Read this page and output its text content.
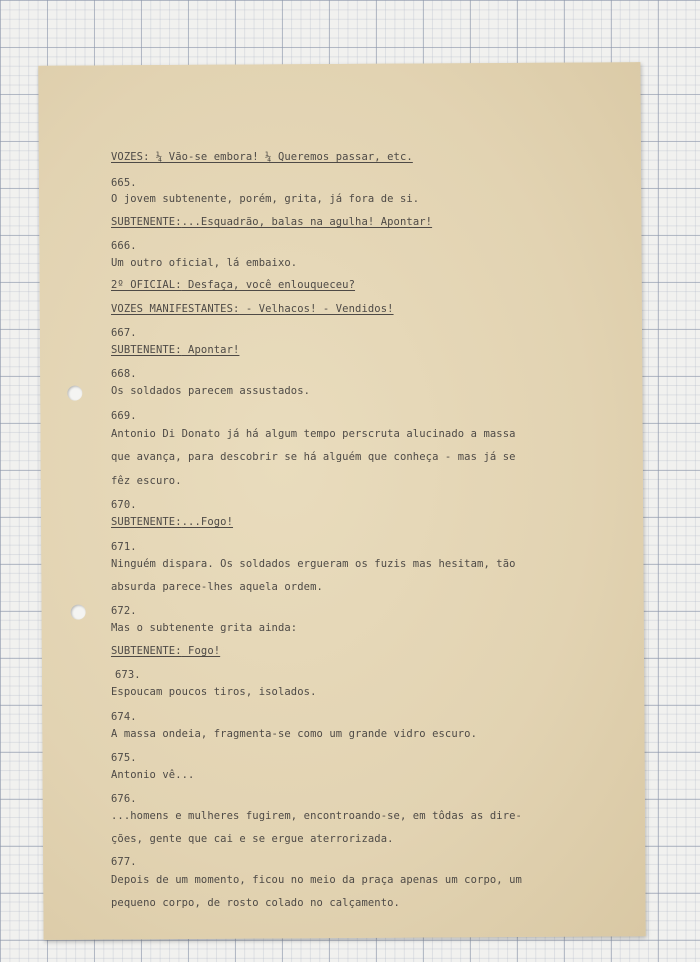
VOZES: ¼ Vão-se embora! ¼ Queremos passar, etc.
665.
O jovem subtenente, porém, grita, já fora de si.
SUBTENENTE:...Esquadrão, balas na agulha! Apontar!
666.
Um outro oficial, lá embaixo.
2º OFICIAL: Desfaça, você enlouqueceu?
VOZES MANIFESTANTES: - Velhacos! - Vendidos!
667.
SUBTENENTE: Apontar!
668.
Os soldados parecem assustados.
669.
Antonio Di Donato já há algum tempo perscruta alucinado a massa
que avança, para descobrir se há alguém que conheça - mas já se
fêz escuro.
670.
SUBTENENTE:...Fogo!
671.
Ninguém dispara. Os soldados ergueram os fuzis mas hesitam, tão
absurda parece-lhes aquela ordem.
672.
Mas o subtenente grita ainda:
SUBTENENTE: Fogo!
673.
Espoucam poucos tiros, isolados.
674.
A massa ondeia, fragmenta-se como um grande vidro escuro.
675.
Antonio vê...
676.
...homens e mulheres fugirem, encontroando-se, em tôdas as dire-
ções, gente que cai e se ergue aterrorizada.
677.
Depois de um momento, ficou no meio da praça apenas um corpo, um
pequeno corpo, de rosto colado no calçamento.
